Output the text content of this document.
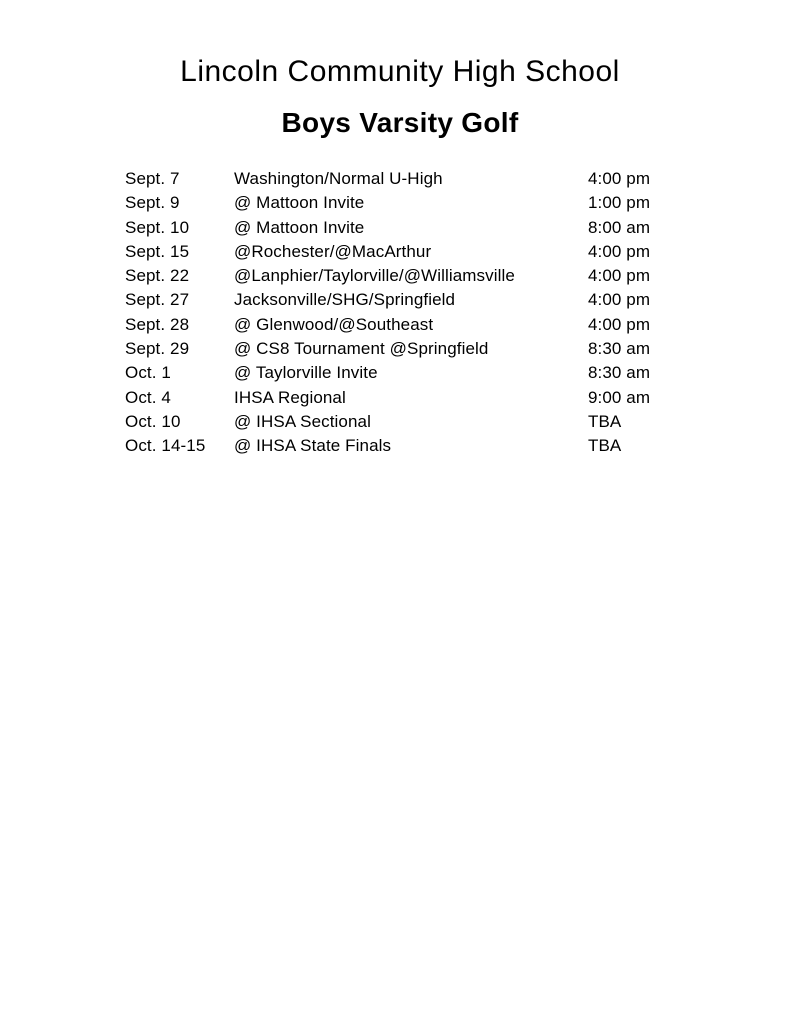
Lincoln Community High School
Boys Varsity Golf
Sept. 7	Washington/Normal U-High	4:00 pm
Sept. 9	@ Mattoon Invite	1:00 pm
Sept. 10	@ Mattoon Invite	8:00 am
Sept. 15	@Rochester/@MacArthur	4:00 pm
Sept. 22	@Lanphier/Taylorville/@Williamsville	4:00 pm
Sept. 27	Jacksonville/SHG/Springfield	4:00 pm
Sept. 28	@ Glenwood/@Southeast	4:00 pm
Sept. 29	@ CS8 Tournament @Springfield	8:30 am
Oct. 1	@ Taylorville Invite	8:30 am
Oct. 4	IHSA Regional	9:00 am
Oct. 10	@ IHSA Sectional	TBA
Oct. 14-15	@ IHSA State Finals	TBA
